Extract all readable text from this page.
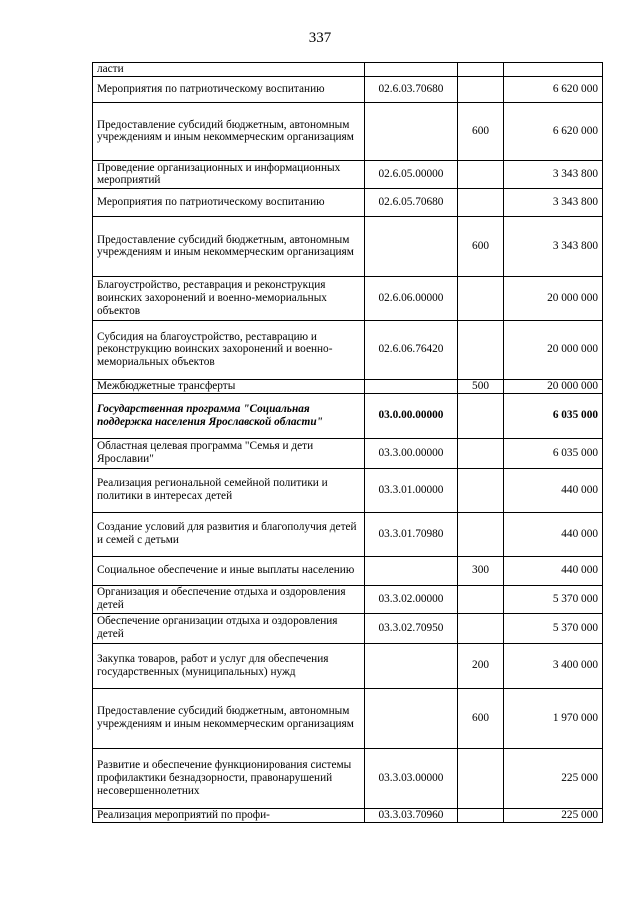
337
ласти			
Мероприятия по патриотическому воспитанию	02.6.03.70680		6 620 000
Предоставление субсидий бюджетным, автономным учреждениям и иным некоммерческим организациям		600	6 620 000
Проведение организационных и информационных мероприятий	02.6.05.00000		3 343 800
Мероприятия по патриотическому воспитанию	02.6.05.70680		3 343 800
Предоставление субсидий бюджетным, автономным учреждениям и иным некоммерческим организациям		600	3 343 800
Благоустройство, реставрация и реконструкция воинских захоронений и военно-мемориальных объектов	02.6.06.00000		20 000 000
Субсидия на благоустройство, реставрацию и реконструкцию воинских захоронений и военно-мемориальных объектов	02.6.06.76420		20 000 000
Межбюджетные трансферты		500	20 000 000
Государственная программа "Социальная поддержка населения Ярославской области"	03.0.00.00000		6 035 000
Областная целевая программа "Семья и дети Ярославии"	03.3.00.00000		6 035 000
Реализация региональной семейной политики и политики в интересах детей	03.3.01.00000		440 000
Создание условий для развития и благополучия детей и семей с детьми	03.3.01.70980		440 000
Социальное обеспечение и иные выплаты населению		300	440 000
Организация и обеспечение отдыха и оздоровления детей	03.3.02.00000		5 370 000
Обеспечение организации отдыха и оздоровления детей	03.3.02.70950		5 370 000
Закупка товаров, работ и услуг для обеспечения государственных (муниципальных) нужд		200	3 400 000
Предоставление субсидий бюджетным, автономным учреждениям и иным некоммерческим организациям		600	1 970 000
Развитие и обеспечение функционирования системы профилактики безнадзорности, правонарушений несовершеннолетних	03.3.03.00000		225 000
Реализация мероприятий по профи-	03.3.03.70960		225 000
